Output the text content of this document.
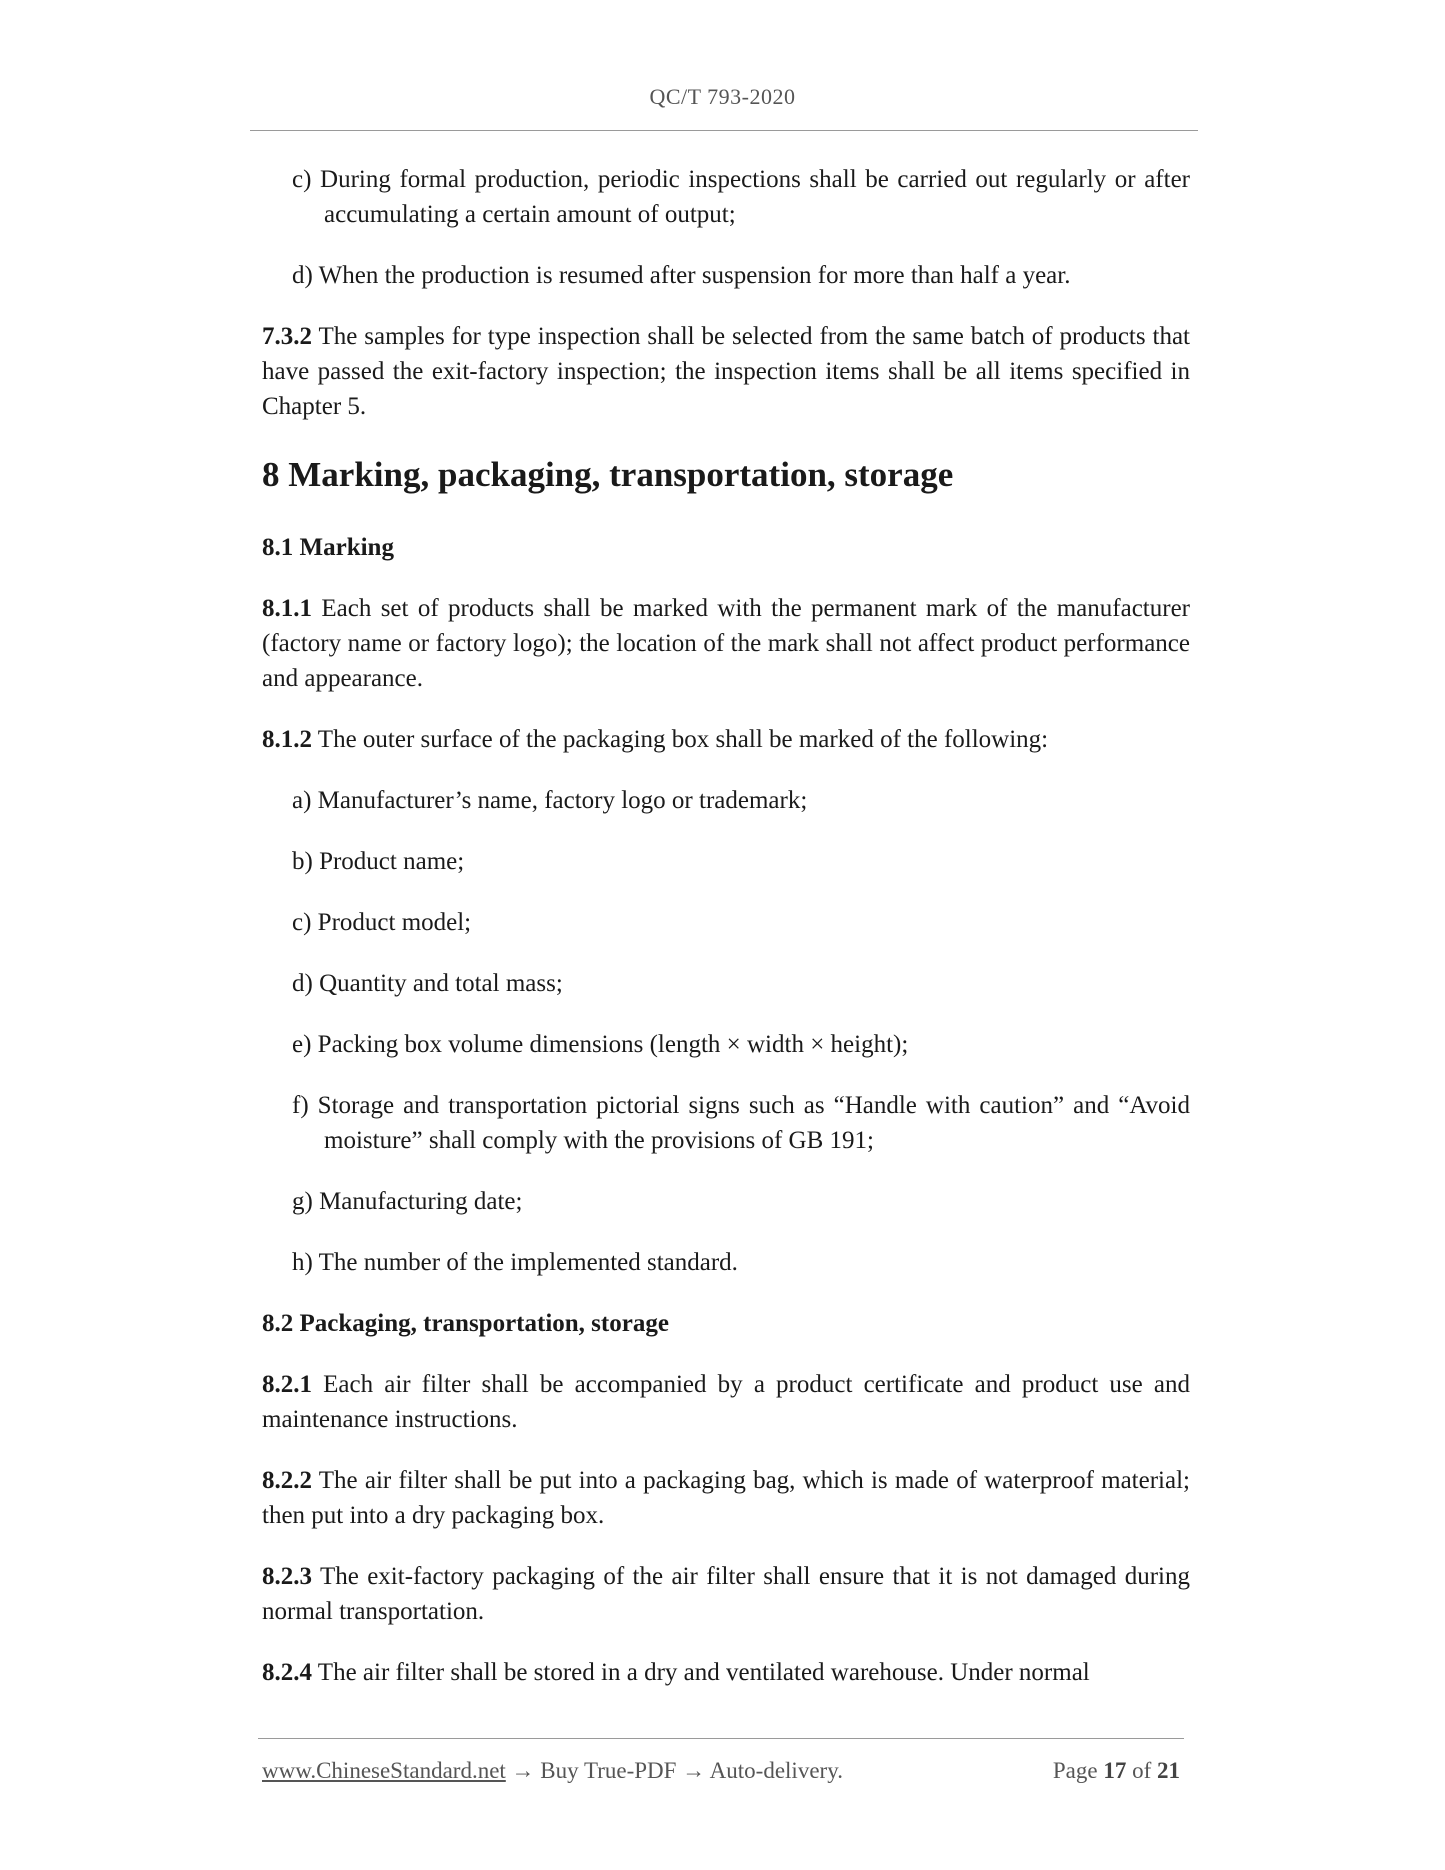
QC/T 793-2020
c) During formal production, periodic inspections shall be carried out regularly or after accumulating a certain amount of output;
d) When the production is resumed after suspension for more than half a year.

7.3.2 The samples for type inspection shall be selected from the same batch of products that have passed the exit-factory inspection; the inspection items shall be all items specified in Chapter 5.

8 Marking, packaging, transportation, storage
8.1 Marking

8.1.1 Each set of products shall be marked with the permanent mark of the manufacturer (factory name or factory logo); the location of the mark shall not affect product performance and appearance.

8.1.2 The outer surface of the packaging box shall be marked of the following:

a) Manufacturer’s name, factory logo or trademark;
b) Product name;
c) Product model;
d) Quantity and total mass;
e) Packing box volume dimensions (length × width × height);
f) Storage and transportation pictorial signs such as “Handle with caution” and “Avoid moisture” shall comply with the provisions of GB 191;
g) Manufacturing date;
h) The number of the implemented standard.
8.2 Packaging, transportation, storage

8.2.1 Each air filter shall be accompanied by a product certificate and product use and maintenance instructions.

8.2.2 The air filter shall be put into a packaging bag, which is made of waterproof material; then put into a dry packaging box.

8.2.3 The exit-factory packaging of the air filter shall ensure that it is not damaged during normal transportation.

8.2.4 The air filter shall be stored in a dry and ventilated warehouse. Under normal

www.ChineseStandard.net → Buy True-PDF → Auto-delivery.	Page 17 of 21
